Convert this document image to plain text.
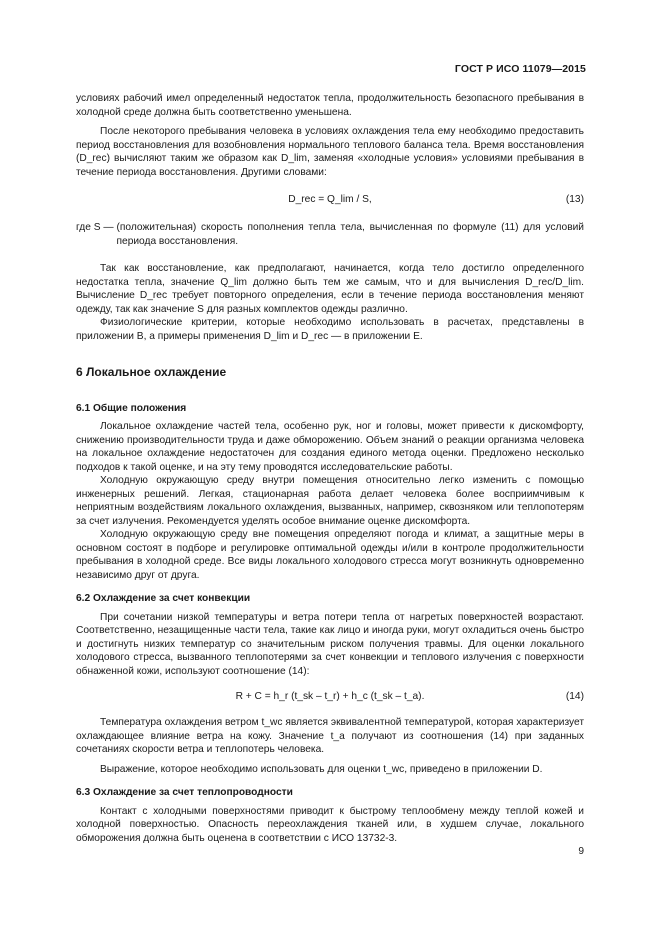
ГОСТ Р ИСО 11079—2015

условиях рабочий имел определенный недостаток тепла, продолжительность безопасного пребывания в холодной среде должна быть соответственно уменьшена.

После некоторого пребывания человека в условиях охлаждения тела ему необходимо предоставить период восстановления для возобновления нормального теплового баланса тела. Время восстановления (D_rec) вычисляют таким же образом как D_lim, заменяя «холодные условия» условиями пребывания в течение периода восстановления. Другими словами:

D_rec = Q_lim / S,	(13)
где S — (положительная) скорость пополнения тепла тела, вычисленная по формуле (11) для условий периода восстановления.

Так как восстановление, как предполагают, начинается, когда тело достигло определенного недостатка тепла, значение Q_lim должно быть тем же самым, что и для вычисления D_rec/D_lim. Вычисление D_rec требует повторного определения, если в течение периода восстановления меняют одежду, так как значение S для разных комплектов одежды различно.

Физиологические критерии, которые необходимо использовать в расчетах, представлены в приложении В, а примеры применения D_lim и D_rec — в приложении Е.

6 Локальное охлаждение
6.1 Общие положения

Локальное охлаждение частей тела, особенно рук, ног и головы, может привести к дискомфорту, снижению производительности труда и даже обморожению. Объем знаний о реакции организма человека на локальное охлаждение недостаточен для создания единого метода оценки. Предложено несколько подходов к такой оценке, и на эту тему проводятся исследовательские работы.

Холодную окружающую среду внутри помещения относительно легко изменить с помощью инженерных решений. Легкая, стационарная работа делает человека более восприимчивым к неприятным воздействиям локального охлаждения, вызванных, например, сквозняком или теплопотерям за счет излучения. Рекомендуется уделять особое внимание оценке дискомфорта.

Холодную окружающую среду вне помещения определяют погода и климат, а защитные меры в основном состоят в подборе и регулировке оптимальной одежды и/или в контроле продолжительности пребывания в холодной среде. Все виды локального холодового стресса могут возникнуть одновременно независимо друг от друга.

6.2 Охлаждение за счет конвекции

При сочетании низкой температуры и ветра потери тепла от нагретых поверхностей возрастают. Соответственно, незащищенные части тела, такие как лицо и иногда руки, могут охладиться очень быстро и достигнуть низких температур со значительным риском получения травмы. Для оценки локального холодового стресса, вызванного теплопотерями за счет конвекции и теплового излучения с поверхности обнаженной кожи, используют соотношение (14):

R + C = h_r (t_sk – t_r) + h_c (t_sk – t_a).	(14)

Температура охлаждения ветром t_wc является эквивалентной температурой, которая характеризует охлаждающее влияние ветра на кожу. Значение t_a получают из соотношения (14) при заданных сочетаниях скорости ветра и теплопотерь человека.

Выражение, которое необходимо использовать для оценки t_wc, приведено в приложении D.

6.3 Охлаждение за счет теплопроводности

Контакт с холодными поверхностями приводит к быстрому теплообмену между теплой кожей и холодной поверхностью. Опасность переохлаждения тканей или, в худшем случае, локального обморожения должна быть оценена в соответствии с ИСО 13732-3.

9
